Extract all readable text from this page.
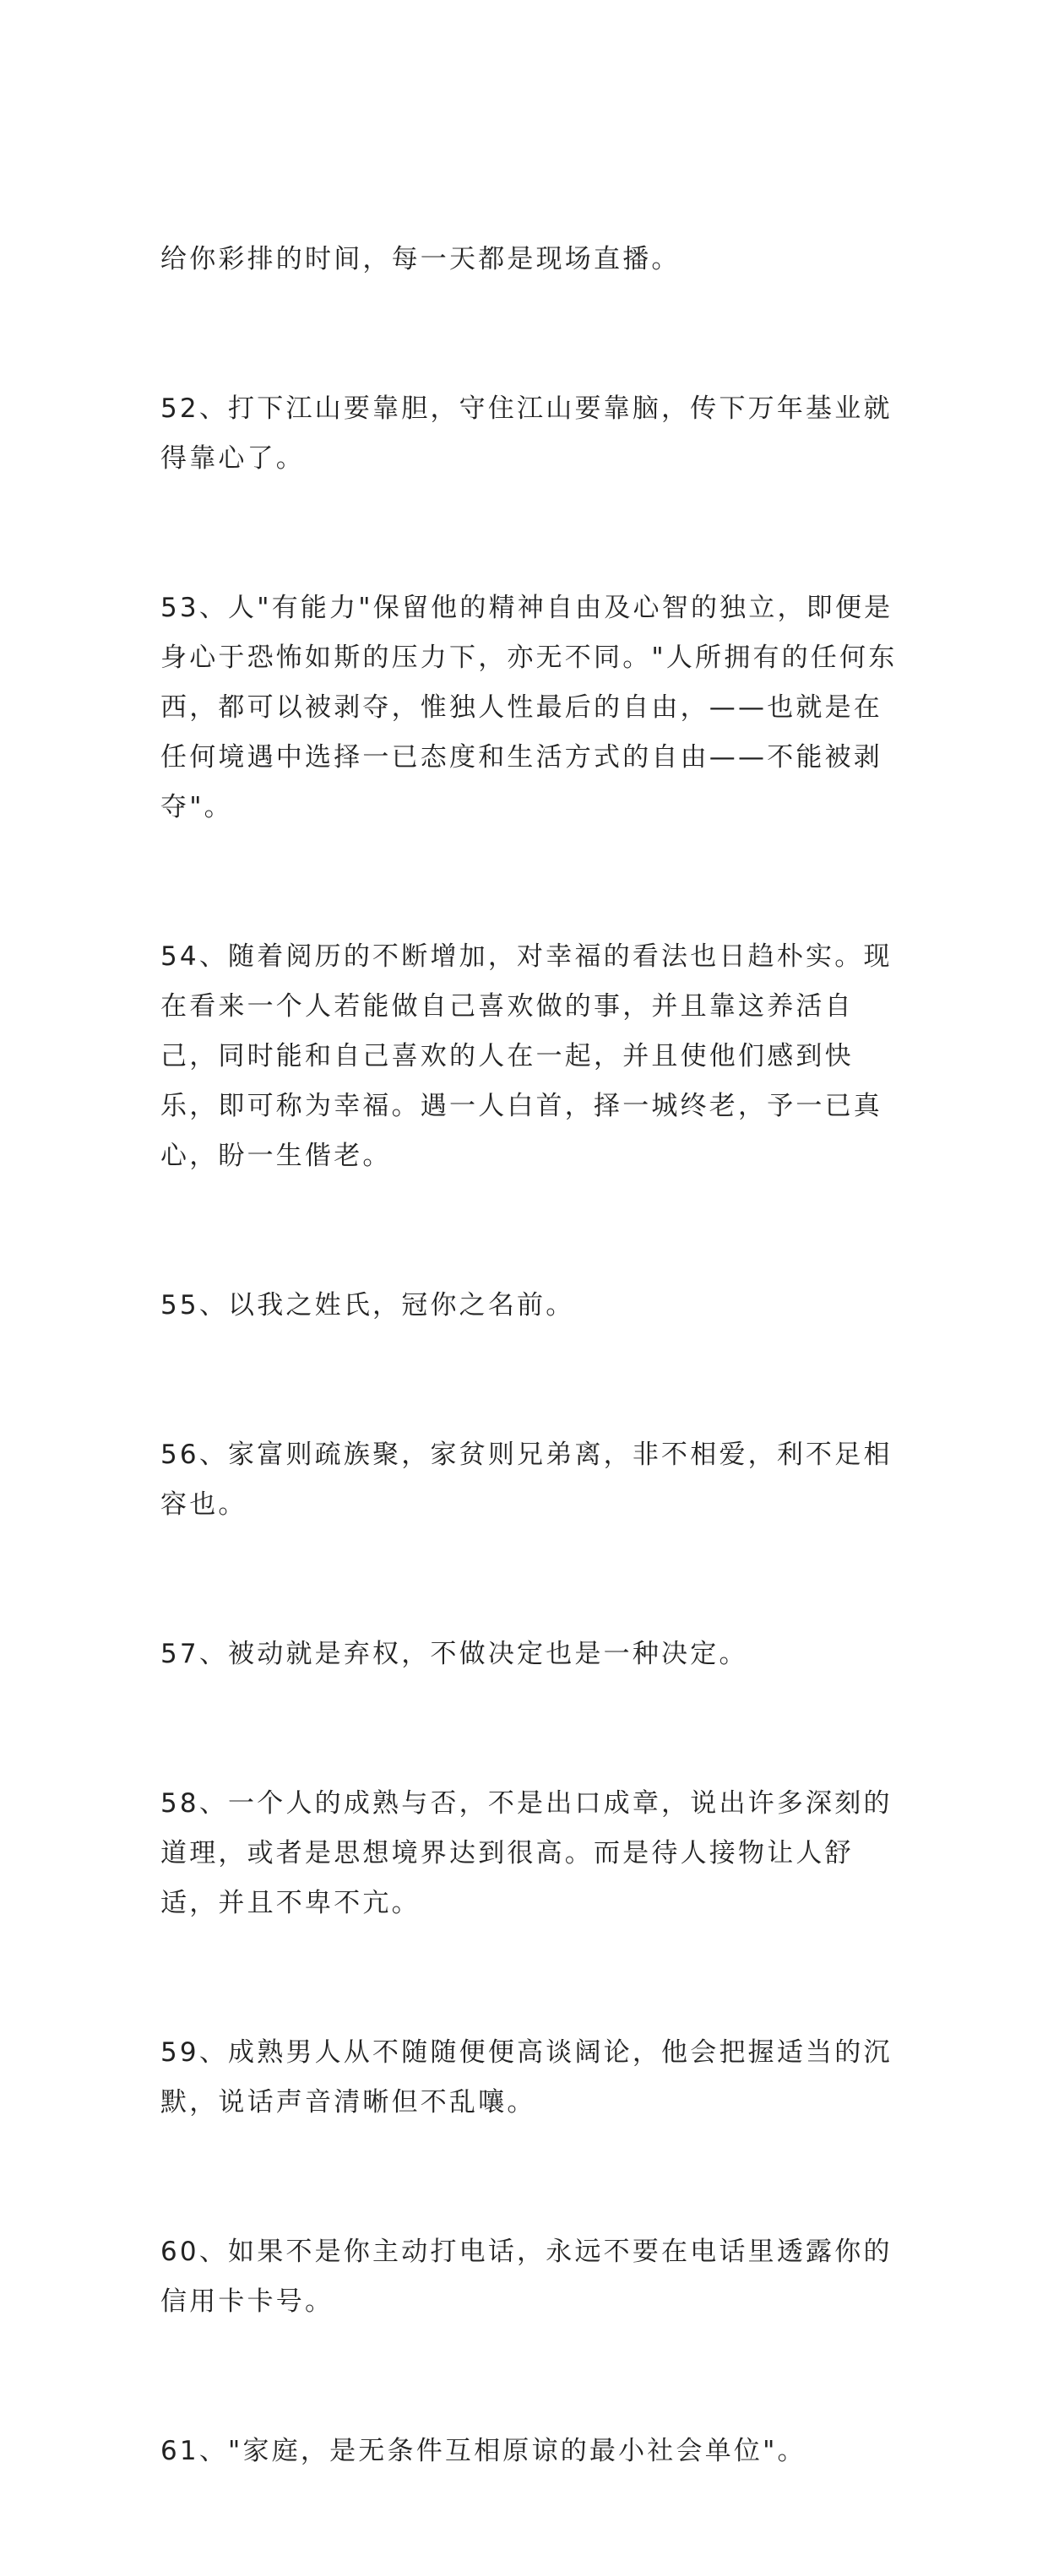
给你彩排的时间，每一天都是现场直播。

52、打下江山要靠胆，守住江山要靠脑，传下万年基业就得靠心了。

53、人"有能力"保留他的精神自由及心智的独立，即便是身心于恐怖如斯的压力下，亦无不同。"人所拥有的任何东西，都可以被剥夺，惟独人性最后的自由，——也就是在任何境遇中选择一已态度和生活方式的自由——不能被剥夺"。

54、随着阅历的不断增加，对幸福的看法也日趋朴实。现在看来一个人若能做自己喜欢做的事，并且靠这养活自己，同时能和自己喜欢的人在一起，并且使他们感到快乐，即可称为幸福。遇一人白首，择一城终老，予一已真心，盼一生偕老。

55、以我之姓氏，冠你之名前。

56、家富则疏族聚，家贫则兄弟离，非不相爱，利不足相容也。

57、被动就是弃权，不做决定也是一种决定。

58、一个人的成熟与否，不是出口成章，说出许多深刻的道理，或者是思想境界达到很高。而是待人接物让人舒适，并且不卑不亢。

59、成熟男人从不随随便便高谈阔论，他会把握适当的沉默，说话声音清晰但不乱嚷。

60、如果不是你主动打电话，永远不要在电话里透露你的信用卡卡号。

61、"家庭，是无条件互相原谅的最小社会单位"。
